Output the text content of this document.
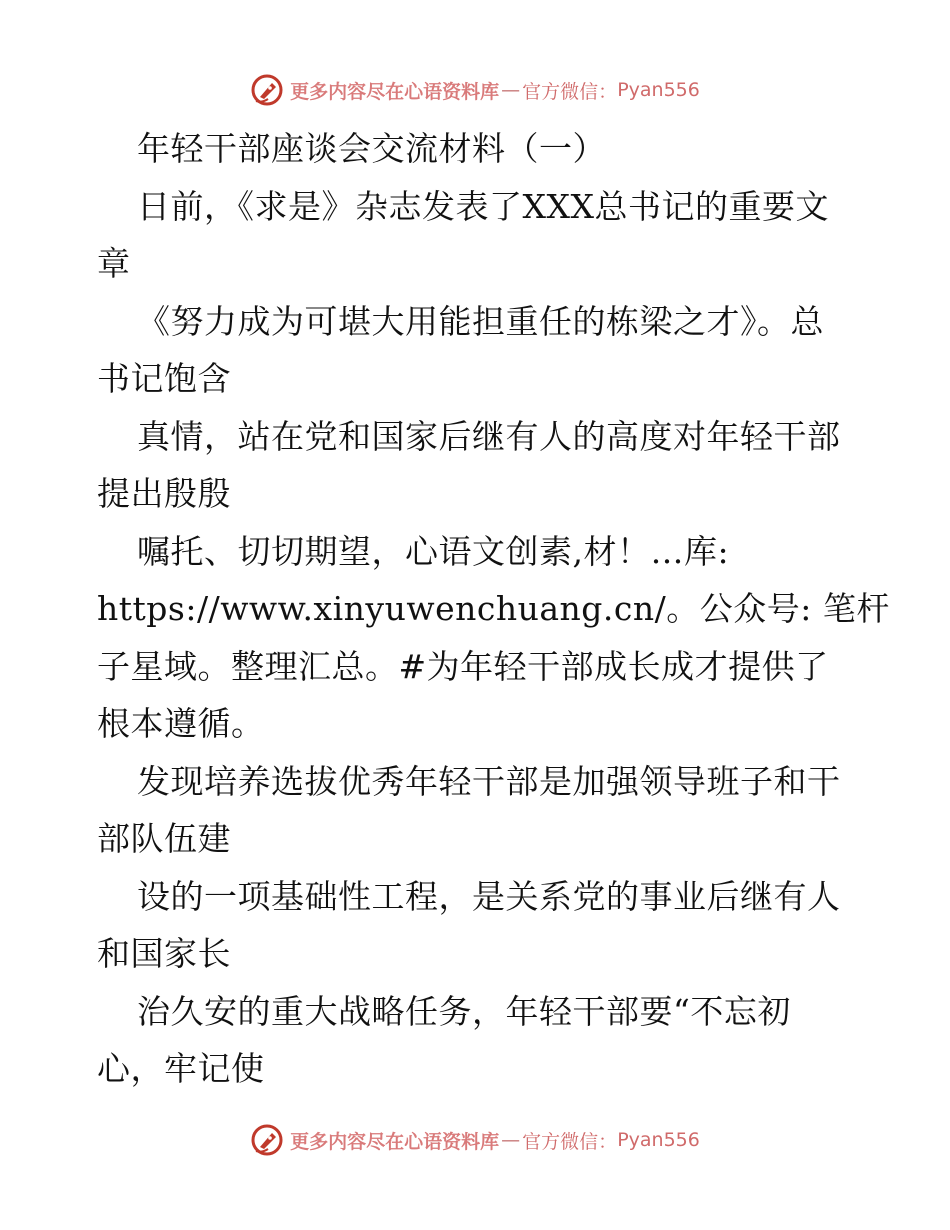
更多内容尽在心语资料库 — 官方微信： Pyan556
年轻干部座谈会交流材料（一）
日前，《求是》杂志发表了XXX总书记的重要文
章
《努力成为可堪大用能担重任的栋梁之才》。总
书记饱含
真情，站在党和国家后继有人的高度对年轻干部
提出殷殷
嘱托、切切期望，心语文创素,材！…库:
https://www.xinyuwenchuang.cn/。公众号: 笔杆
子星域。整理汇总。#为年轻干部成长成才提供了
根本遵循。
发现培养选拔优秀年轻干部是加强领导班子和干
部队伍建
设的一项基础性工程，是关系党的事业后继有人
和国家长
治久安的重大战略任务，年轻干部要“不忘初
心，牢记使
更多内容尽在心语资料库 — 官方微信： Pyan556
